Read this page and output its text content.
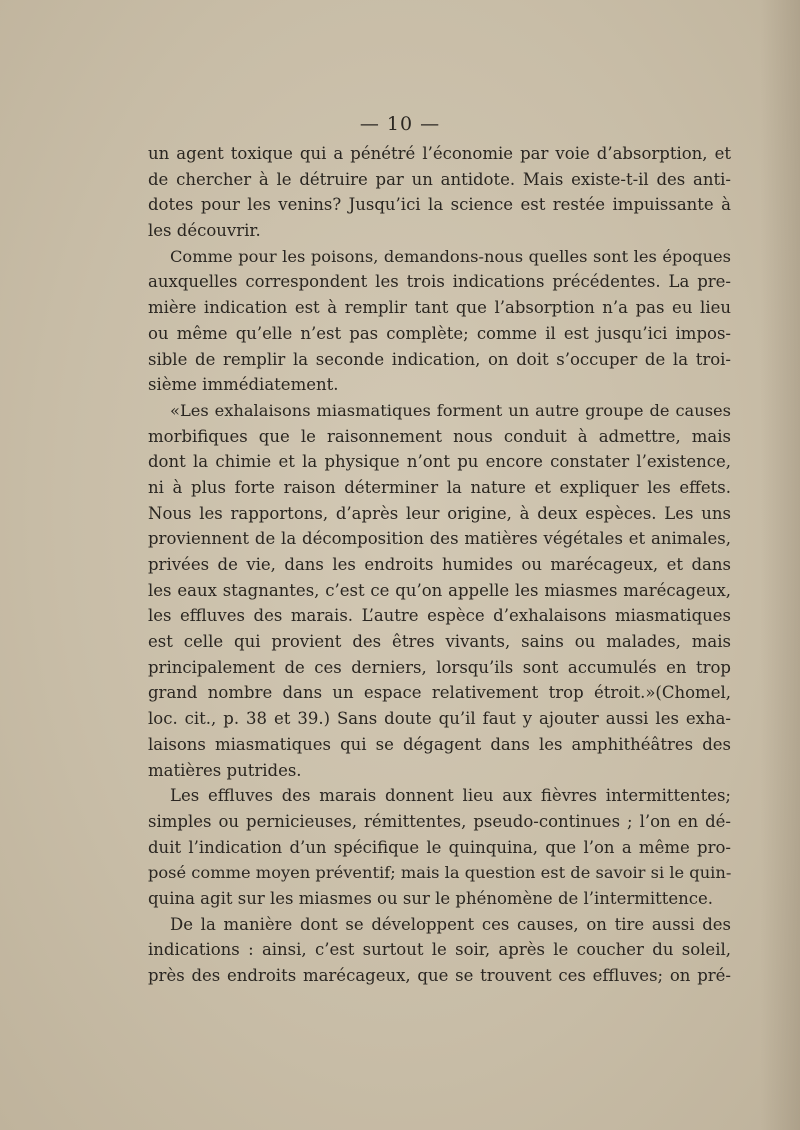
— 10 —
un agent toxique qui a pénétré l’économie par voie d’absorption, et
de chercher à le détruire par un antidote. Mais existe-t-il des anti-
dotes pour les venins? Jusqu’ici la science est restée impuissante à
les découvrir.
Comme pour les poisons, demandons-nous quelles sont les époques
auxquelles correspondent les trois indications précédentes. La pre-
mière indication est à remplir tant que l’absorption n’a pas eu lieu
ou même qu’elle n’est pas complète; comme il est jusqu’ici impos-
sible de remplir la seconde indication, on doit s’occuper de la troi-
sième immédiatement.
«Les exhalaisons miasmatiques forment un autre groupe de causes
morbifiques que le raisonnement nous conduit à admettre, mais
dont la chimie et la physique n’ont pu encore constater l’existence,
ni à plus forte raison déterminer la nature et expliquer les effets.
Nous les rapportons, d’après leur origine, à deux espèces. Les uns
proviennent de la décomposition des matières végétales et animales,
privées de vie, dans les endroits humides ou marécageux, et dans
les eaux stagnantes, c’est ce qu’on appelle les miasmes marécageux,
les effluves des marais. L’autre espèce d’exhalaisons miasmatiques
est celle qui provient des êtres vivants, sains ou malades, mais
principalement de ces derniers, lorsqu’ils sont accumulés en trop
grand nombre dans un espace relativement trop étroit.»(Chomel,
loc. cit., p. 38 et 39.) Sans doute qu’il faut y ajouter aussi les exha-
laisons miasmatiques qui se dégagent dans les amphithéâtres des
matières putrides.
Les effluves des marais donnent lieu aux fièvres intermittentes;
simples ou pernicieuses, rémittentes, pseudo-continues ; l’on en dé-
duit l’indication d’un spécifique le quinquina, que l’on a même pro-
posé comme moyen préventif; mais la question est de savoir si le quin-
quina agit sur les miasmes ou sur le phénomène de l’intermittence.
De la manière dont se développent ces causes, on tire aussi des
indications : ainsi, c’est surtout le soir, après le coucher du soleil,
près des endroits marécageux, que se trouvent ces effluves; on pré-
